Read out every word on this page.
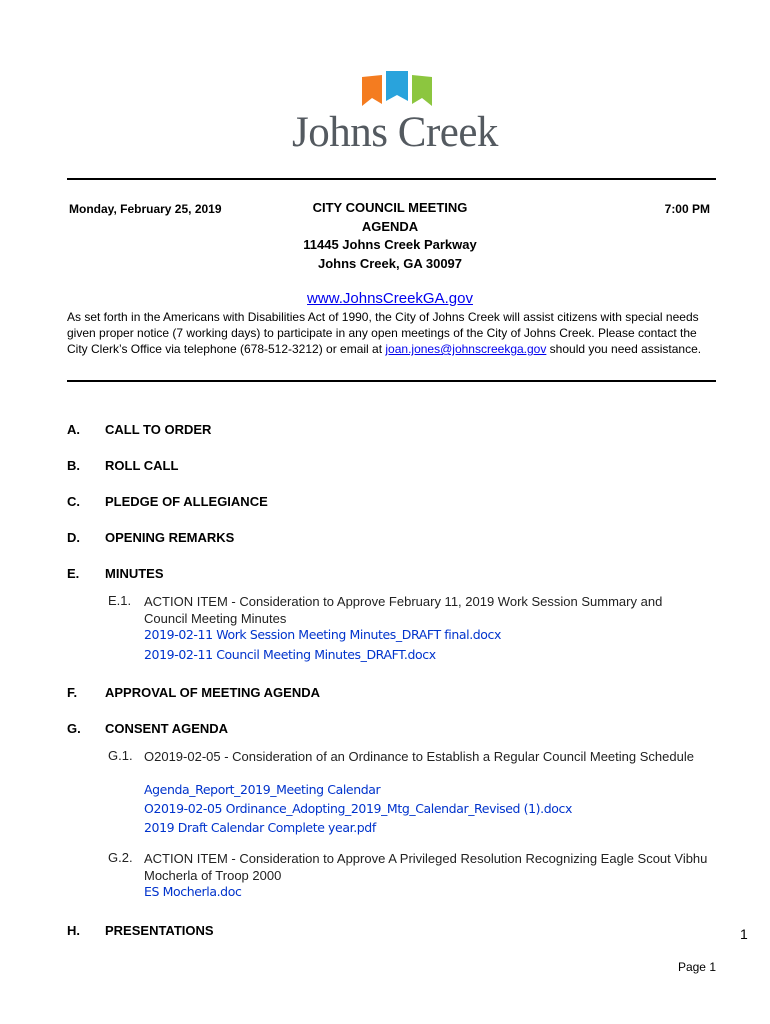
Johns Creek
Monday, February 25, 2019	CITY COUNCIL MEETING
AGENDA
11445 Johns Creek Parkway
Johns Creek, GA 30097
7:00 PM
www.JohnsCreekGA.gov
As set forth in the Americans with Disabilities Act of 1990, the City of Johns Creek will assist citizens with special needs given proper notice (7 working days) to participate in any open meetings of the City of Johns Creek. Please contact the City Clerk’s Office via telephone (678-512-3212) or email at joan.jones@johnscreekga.gov should you need assistance.
A. CALL TO ORDER
B. ROLL CALL
C. PLEDGE OF ALLEGIANCE
D. OPENING REMARKS
E. MINUTES
E.1. ACTION ITEM - Consideration to Approve February 11, 2019 Work Session Summary and Council Meeting Minutes
2019-02-11 Work Session Meeting Minutes_DRAFT final.docx
2019-02-11 Council Meeting Minutes_DRAFT.docx
F. APPROVAL OF MEETING AGENDA
G. CONSENT AGENDA
G.1. O2019-02-05 - Consideration of an Ordinance to Establish a Regular Council Meeting Schedule
Agenda_Report_2019_Meeting Calendar
O2019-02-05 Ordinance_Adopting_2019_Mtg_Calendar_Revised (1).docx
2019 Draft Calendar Complete year.pdf
G.2. ACTION ITEM - Consideration to Approve A Privileged Resolution Recognizing Eagle Scout Vibhu Mocherla of Troop 2000
ES Mocherla.doc
H. PRESENTATIONS	1
Page 1
